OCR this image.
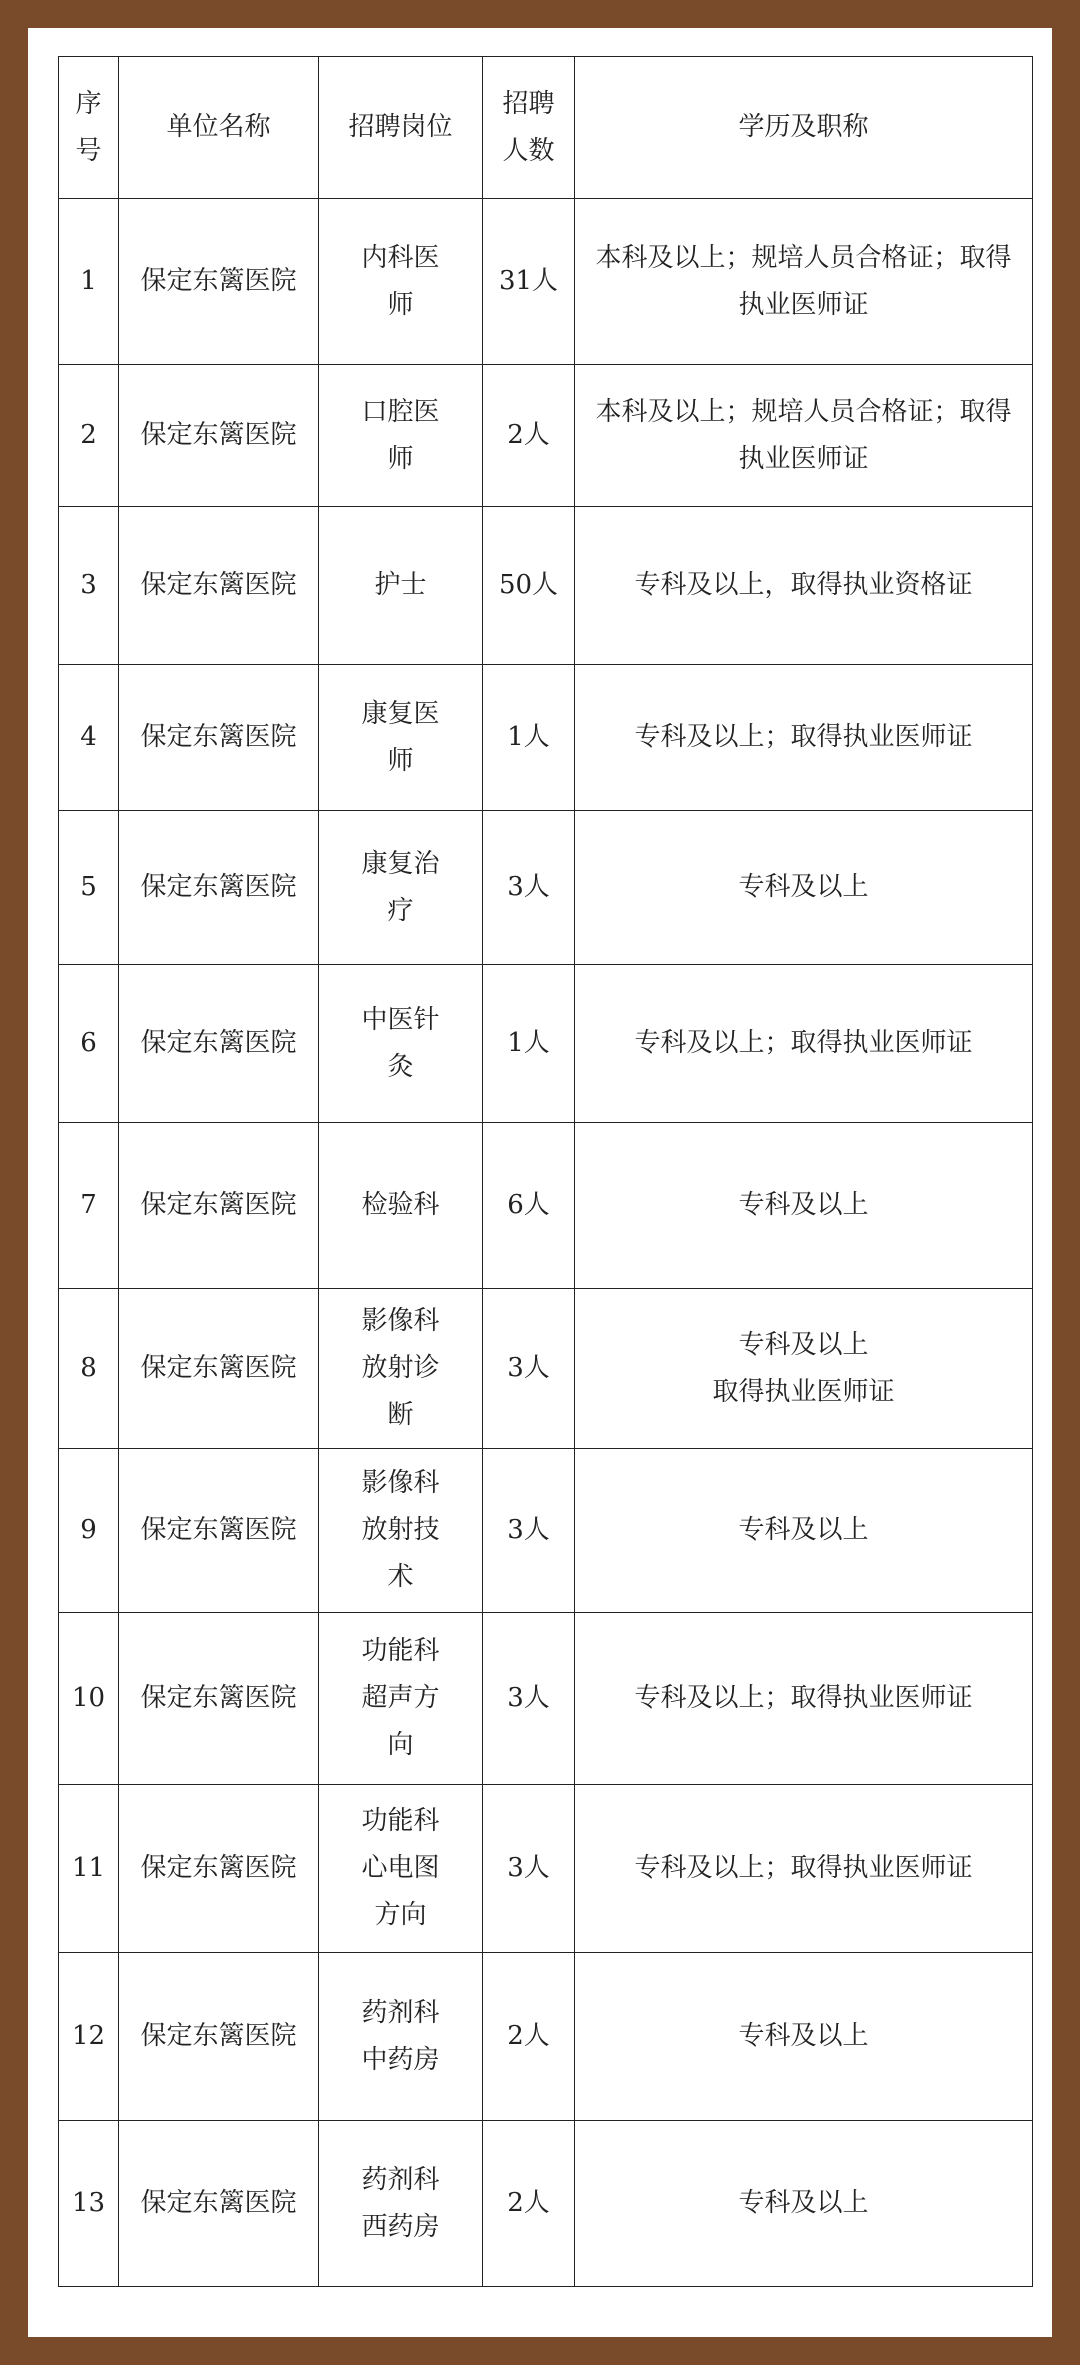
序号	单位名称	招聘岗位	招聘人数	学历及职称
1	保定东篱医院	内科医师	31人	本科及以上；规培人员合格证；取得执业医师证

2	保定东篱医院	口腔医师	2人	本科及以上；规培人员合格证；取得执业医师证

3	保定东篱医院	护士	50人	专科及以上，取得执业资格证

4	保定东篱医院	康复医师	1人	专科及以上；取得执业医师证

5	保定东篱医院	康复治疗	3人	专科及以上

6	保定东篱医院	中医针灸	1人	专科及以上；取得执业医师证

7	保定东篱医院	检验科	6人	专科及以上

8	保定东篱医院	影像科放射诊断	3人	专科及以上
取得执业医师证

9	保定东篱医院	影像科放射技术	3人	专科及以上

10	保定东篱医院	功能科超声方向	3人	专科及以上；取得执业医师证

11	保定东篱医院	功能科心电图方向	3人	专科及以上；取得执业医师证

12	保定东篱医院	药剂科中药房	2人	专科及以上

13	保定东篱医院	药剂科西药房	2人	专科及以上
